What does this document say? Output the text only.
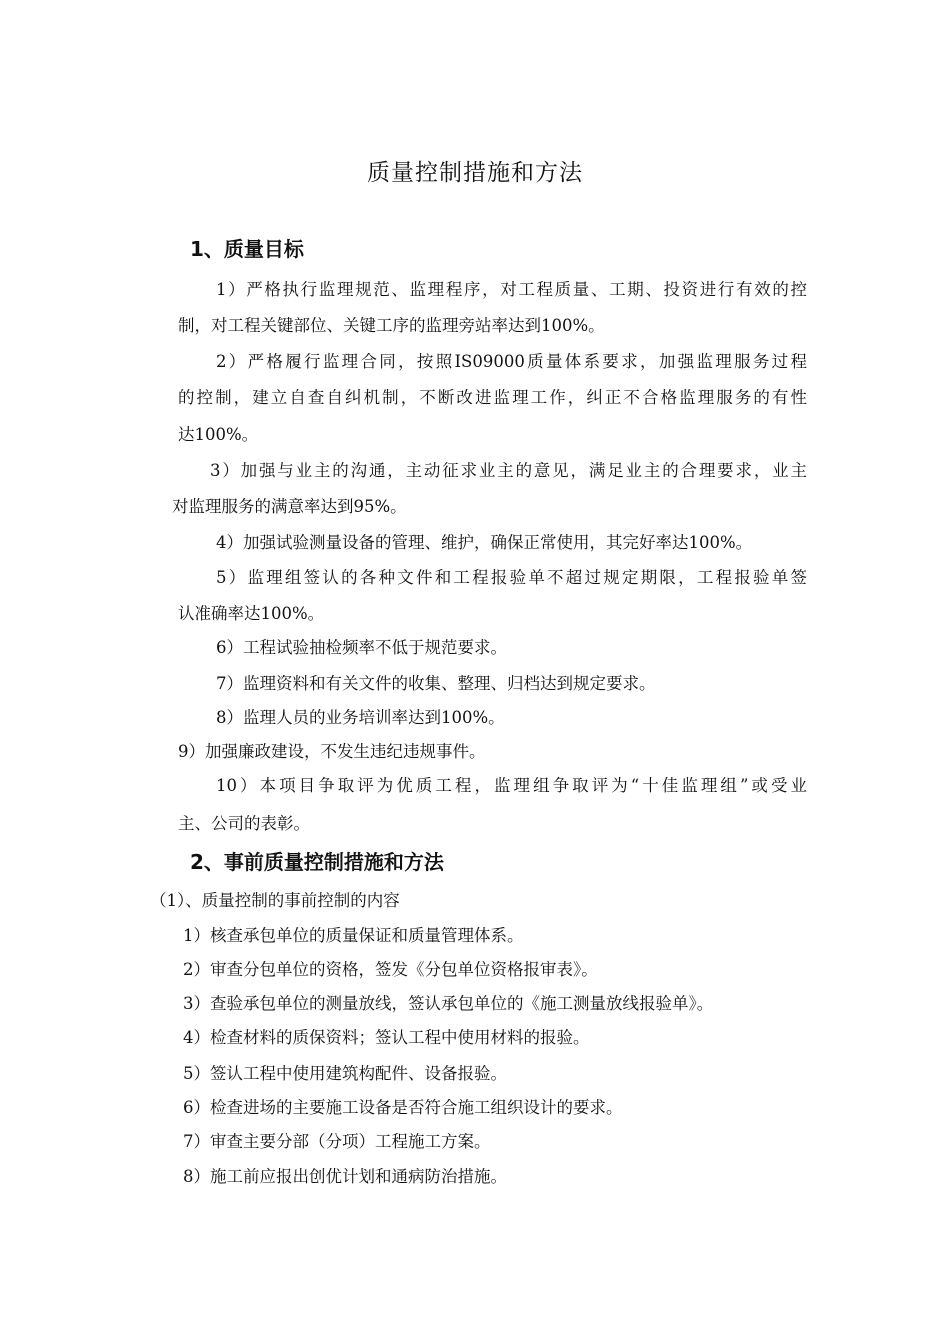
质量控制措施和方法
1、质量目标

1）严格执行监理规范、监理程序，对工程质量、工期、投资进行有效的控

制，对工程关键部位、关键工序的监理旁站率达到100%。

2）严格履行监理合同，按照IS09000质量体系要求，加强监理服务过程

的控制，建立自查自纠机制，不断改进监理工作，纠正不合格监理服务的有性

达100%。

3）加强与业主的沟通，主动征求业主的意见，满足业主的合理要求，业主

对监理服务的满意率达到95%。

4）加强试验测量设备的管理、维护，确保正常使用，其完好率达100%。

5）监理组签认的各种文件和工程报验单不超过规定期限，工程报验单签

认准确率达100%。

6）工程试验抽检频率不低于规范要求。

7）监理资料和有关文件的收集、整理、归档达到规定要求。

8）监理人员的业务培训率达到100%。

9）加强廉政建设，不发生违纪违规事件。

10）本项目争取评为优质工程，监理组争取评为“十佳监理组”或受业

主、公司的表彰。

2、事前质量控制措施和方法

（1）、质量控制的事前控制的内容

1）核查承包单位的质量保证和质量管理体系。

2）审查分包单位的资格，签发《分包单位资格报审表》。

3）查验承包单位的测量放线，签认承包单位的《施工测量放线报验单》。

4）检查材料的质保资料；签认工程中使用材料的报验。

5）签认工程中使用建筑构配件、设备报验。

6）检查进场的主要施工设备是否符合施工组织设计的要求。

7）审查主要分部（分项）工程施工方案。

8）施工前应报出创优计划和通病防治措施。
